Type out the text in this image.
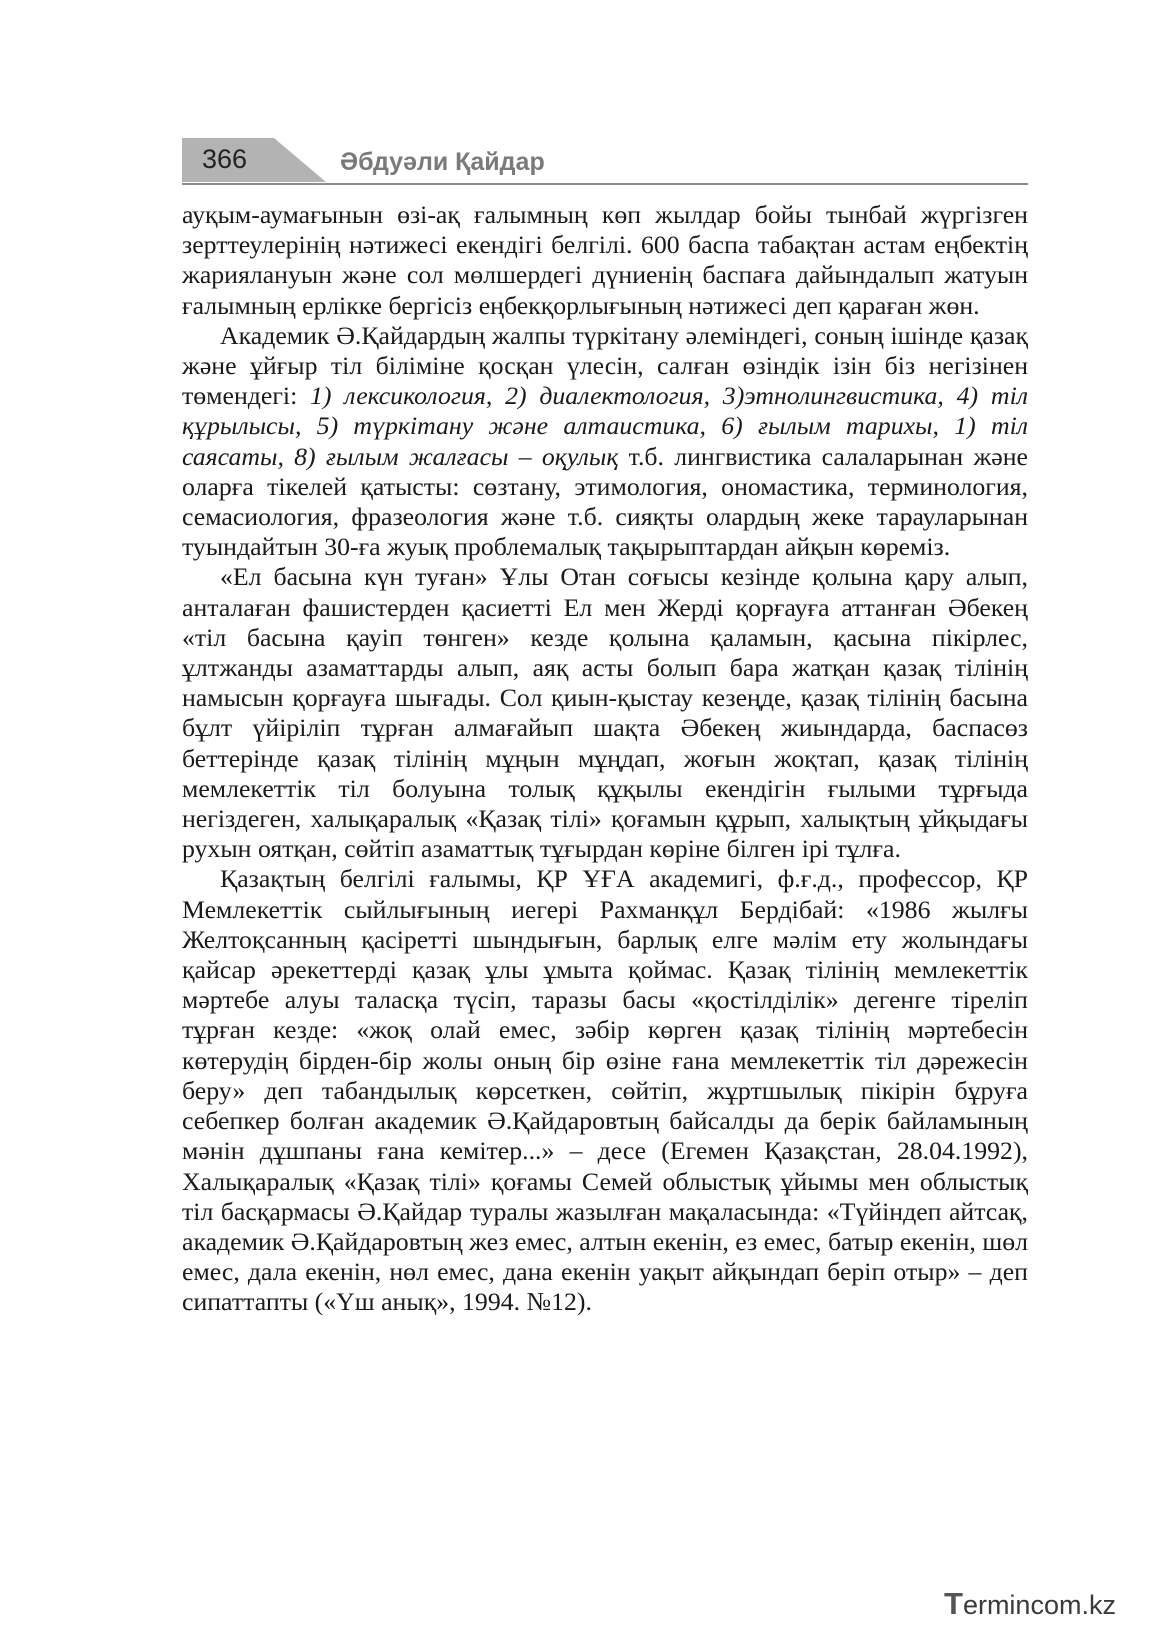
366	Әбдуәли Қайдар

ауқым-аумағынын өзі-ақ ғалымның көп жылдар бойы тынбай жүргізген зерттеулерінің нәтижесі екендігі белгілі. 600 баспа табақтан астам еңбектің жариялануын және сол мөлшердегі дүниенің баспаға дайындалып жатуын ғалымның ерлікке бергісіз еңбекқорлығының нәтижесі деп қараған жөн.

Академик Ә.Қайдардың жалпы түркітану әлеміндегі, соның ішінде қазақ және ұйғыр тіл біліміне қосқан үлесін, салған өзіндік ізін біз негізінен төмендегі: 1) лексикология, 2) диалектология, 3)этнолингвистика, 4) тіл құрылысы, 5) түркітану және алтаистика, 6) ғылым тарихы, 1) тіл саясаты, 8) ғылым жалғасы – оқулық т.б. лингвистика салаларынан және оларға тікелей қатысты: сөзтану, этимология, ономастика, терминология, семасиология, фразеология және т.б. сияқты олардың жеке тарауларынан туындайтын 30-ға жуық проблемалық тақырыптардан айқын көреміз.

«Ел басына күн туған» Ұлы Отан соғысы кезінде қолына қару алып, анталаған фашистерден қасиетті Ел мен Жерді қорғауға аттанған Әбекең «тіл басына қауіп төнген» кезде қолына қаламын, қасына пікірлес, ұлтжанды азаматтарды алып, аяқ асты болып бара жатқан қазақ тілінің намысын қорғауға шығады. Сол қиын-қыстау кезеңде, қазақ тілінің басына бұлт үйіріліп тұрған алмағайып шақта Әбекең жиындарда, баспасөз беттерінде қазақ тілінің мұңын мұңдап, жоғын жоқтап, қазақ тілінің мемлекеттік тіл болуына толық құқылы екендігін ғылыми тұрғыда негіздеген, халықаралық «Қазақ тілі» қоғамын құрып, халықтың ұйқыдағы рухын оятқан, сөйтіп азаматтық тұғырдан көріне білген ірі тұлға.

Қазақтың белгілі ғалымы, ҚР ҰҒА академигі, ф.ғ.д., профессор, ҚР Мемлекеттік сыйлығының иегері Рахманқұл Бердібай: «1986 жылғы Желтоқсанның қасіретті шындығын, барлық елге мәлім ету жолындағы қайсар әрекеттерді қазақ ұлы ұмыта қоймас. Қазақ тілінің мемлекеттік мәртебе алуы таласқа түсіп, таразы басы «қостілділік» дегенге тіреліп тұрған кезде: «жоқ олай емес, зәбір көрген қазақ тілінің мәртебесін көтерудің бірден-бір жолы оның бір өзіне ғана мемлекеттік тіл дәрежесін беру» деп табандылық көрсеткен, сөйтіп, жұртшылық пікірін бұруға себепкер болған академик Ә.Қайдаровтың байсалды да берік байламының мәнін дұшпаны ғана кемітер...» – десе (Егемен Қазақстан, 28.04.1992), Халықаралық «Қазақ тілі» қоғамы Семей облыстық ұйымы мен облыстық тіл басқармасы Ә.Қайдар туралы жазылған мақаласында: «Түйіндеп айтсақ, академик Ә.Қайдаровтың жез емес, алтын екенін, ез емес, батыр екенін, шөл емес, дала екенін, нөл емес, дана екенін уақыт айқындап беріп отыр» – деп сипаттапты («Үш анық», 1994. №12).

Termincom.kz
